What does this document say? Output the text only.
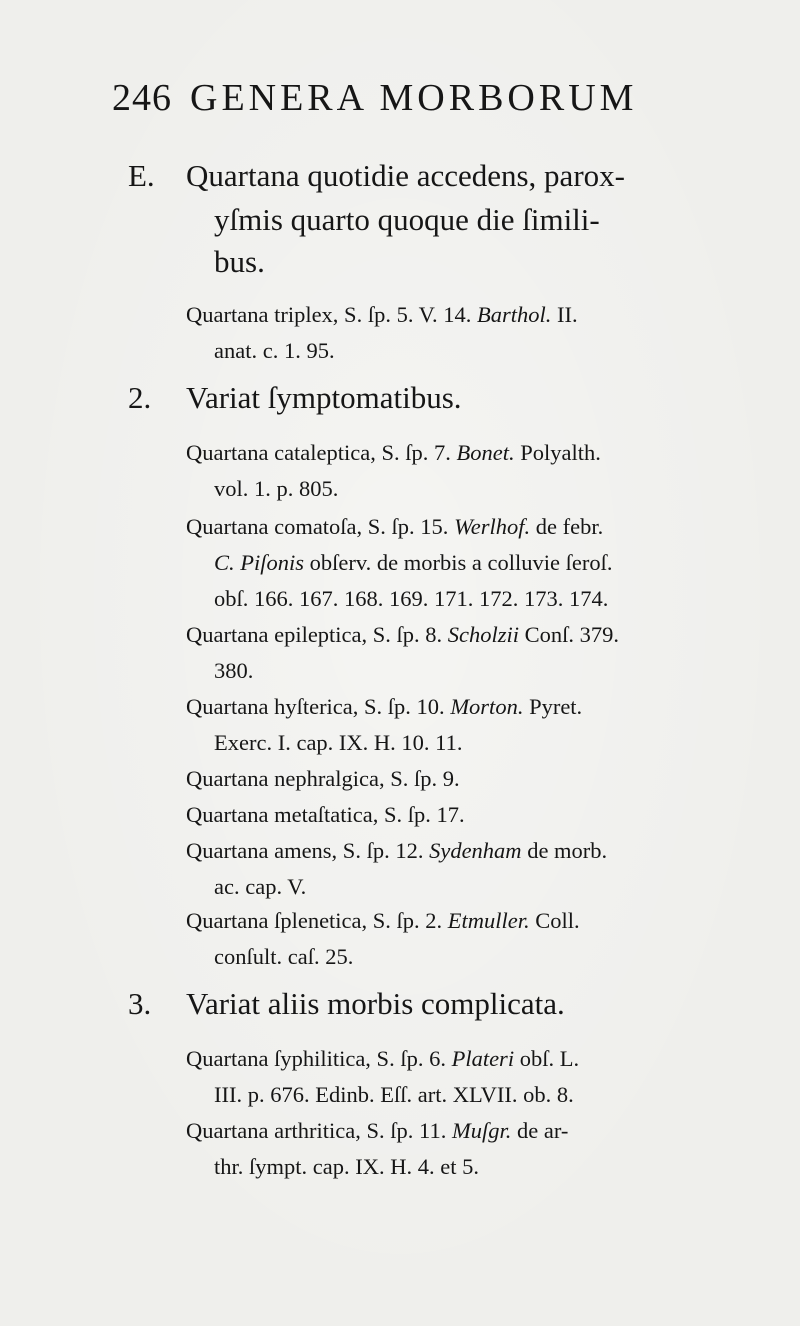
246 GENERA MORBORUM
E. Quartana quotidie accedens, parox-
yſmis quarto quoque die ſimili-
bus.
Quartana triplex, S. ſp. 5. V. 14. Barthol. II.
anat. c. 1. 95.
2. Variat ſymptomatibus.
Quartana cataleptica, S. ſp. 7. Bonet. Polyalth.
vol. 1. p. 805.
Quartana comatoſa, S. ſp. 15. Werlhof. de febr.
C. Piſonis obſerv. de morbis a colluvie ſeroſ.
obſ. 166. 167. 168. 169. 171. 172. 173. 174.
Quartana epileptica, S. ſp. 8. Scholzii Conſ. 379.
380.
Quartana hyſterica, S. ſp. 10. Morton. Pyret.
Exerc. I. cap. IX. H. 10. 11.
Quartana nephralgica, S. ſp. 9.
Quartana metaſtatica, S. ſp. 17.
Quartana amens, S. ſp. 12. Sydenham de morb.
ac. cap. V.
Quartana ſplenetica, S. ſp. 2. Etmuller. Coll.
conſult. caſ. 25.
3. Variat aliis morbis complicata.
Quartana ſyphilitica, S. ſp. 6. Plateri obſ. L.
III. p. 676. Edinb. Eſſ. art. XLVII. ob. 8.
Quartana arthritica, S. ſp. 11. Muſgr. de ar-
thr. ſympt. cap. IX. H. 4. et 5.
